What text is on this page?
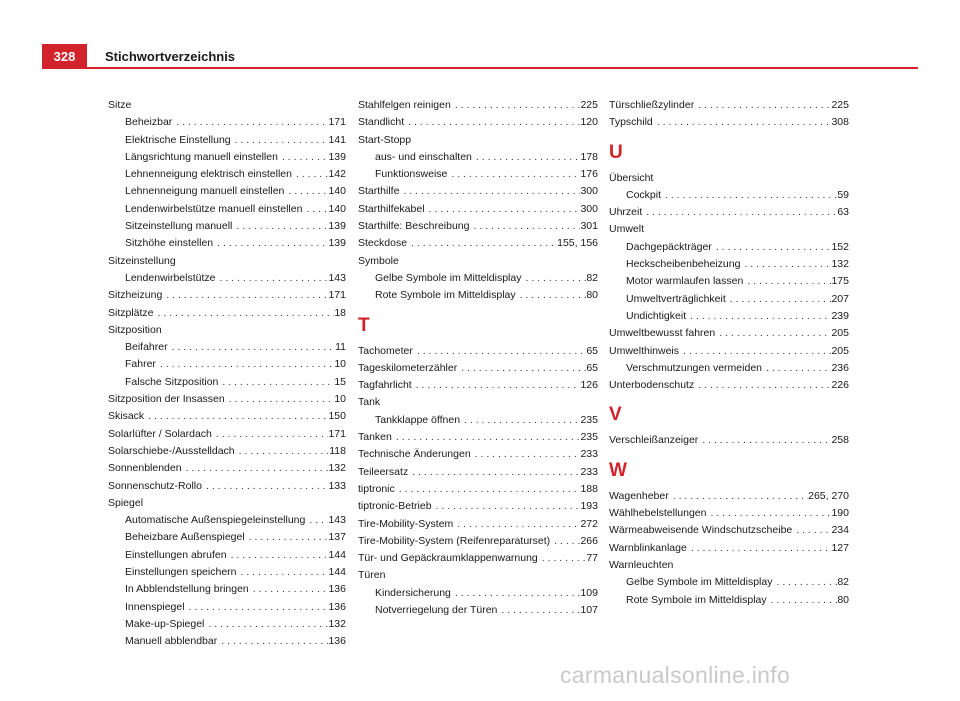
328 Stichwortverzeichnis
Sitze
Beheizbar . . .	171
Elektrische Einstellung . . .	141
Längsrichtung manuell einstellen . . .	139
Lehnenneigung elektrisch einstellen . . .	142
Lehnenneigung manuell einstellen . . .	140
Lendenwirbelstütze manuell einstellen . . . 140
Sitzeinstellung manuell . . .	139
Sitzhöhe einstellen . . .	139
Sitzeinstellung
Lendenwirbelstütze . . .	143
Sitzheizung . . .	171
Sitzplätze . . .	18
Sitzposition
Beifahrer . . .	11
Fahrer . . .	10
Falsche Sitzposition . . .	15
Sitzposition der Insassen . . .	10
Skisack . . .	150
Solarlüfter / Solardach . . .	171
Solarschiebe-/Ausstelldach . . .	118
Sonnenblenden . . .	132
Sonnenschutz-Rollo . . .	133
Spiegel
Automatische Außenspiegeleinstellung . . . 143
Beheizbare Außenspiegel . . .	137
Einstellungen abrufen . . .	144
Einstellungen speichern . . .	144
In Abblendstellung bringen . . .	136
Innenspiegel . . .	136
Make-up-Spiegel . . .	132
Manuell abblendbar . . .	136
Stahlfelgen reinigen . . .	225
Standlicht . . .	120
Start-Stopp
aus- und einschalten . . .	178
Funktionsweise . . .	176
Starthilfe . . .	300
Starthilfekabel . . .	300
Starthilfe: Beschreibung . . .	301
Steckdose . . .	155, 156
Symbole
Gelbe Symbole im Mitteldisplay . . .	82
Rote Symbole im Mitteldisplay . . .	80
T
Tachometer . . .	65
Tageskilometerzähler . . .	65
Tagfahrlicht . . .	126
Tank
Tankklappe öffnen . . .	235
Tanken . . .	235
Technische Änderungen . . .	233
Teileersatz . . .	233
tiptronic . . .	188
tiptronic-Betrieb . . .	193
Tire-Mobility-System . . .	272
Tire-Mobility-System (Reifenreparaturset) . . .	266
Tür- und Gepäckraumklappenwarnung . . .	77
Türen
Kindersicherung . . .	109
Notverriegelung der Türen . . .	107
Türschließzylinder . . .	225
Typschild . . .	308
U
Übersicht
Cockpit . . .	59
Uhrzeit . . .	63
Umwelt
Dachgepäckträger . . .	152
Heckscheibenbeheizung . . .	132
Motor warmlaufen lassen . . .	175
Umweltverträglichkeit . . .	207
Undichtigkeit . . .	239
Umweltbewusst fahren . . .	205
Umwelthinweis . . .	205
Verschmutzungen vermeiden . . .	236
Unterbodenschutz . . .	226
V
Verschleißanzeiger . . .	258
W
Wagenheber . . .	265, 270
Wählhebelstellungen . . .	190
Wärmeabweisende Windschutzscheibe . . .	234
Warnblinkanlage . . .	127
Warnleuchten
Gelbe Symbole im Mitteldisplay . . .	82
Rote Symbole im Mitteldisplay . . .	80
carmanualsonline.info
